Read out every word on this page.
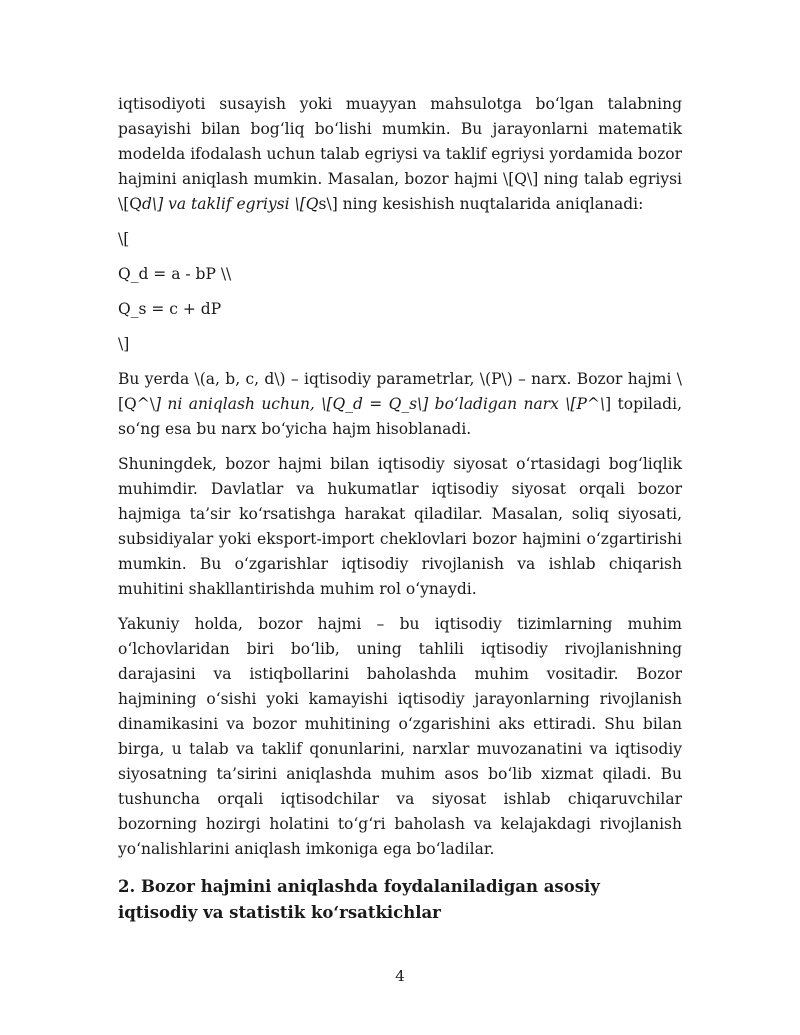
iqtisodiyoti susayish yoki muayyan mahsulotga bo‘lgan talabning pasayishi bilan bog‘liq bo‘lishi mumkin. Bu jarayonlarni matematik modelda ifodalash uchun talab egriysi va taklif egriysi yordamida bozor hajmini aniqlash mumkin. Masalan, bozor hajmi \[Q\] ning talab egriysi \[Qd\] va taklif egriysi \[Qs\] ning kesishish nuqtalarida aniqlanadi:

\[

Q_d = a - bP \\

Q_s = c + dP

\]

Bu yerda \(a, b, c, d\) – iqtisodiy parametrlar, \(P\) – narx. Bozor hajmi \[Q^\] ni aniqlash uchun, \[Q_d = Q_s\] bo‘ladigan narx \[P^\] topiladi, so‘ng esa bu narx bo‘yicha hajm hisoblanadi.

Shuningdek, bozor hajmi bilan iqtisodiy siyosat o‘rtasidagi bog‘liqlik muhimdir. Davlatlar va hukumatlar iqtisodiy siyosat orqali bozor hajmiga ta’sir ko‘rsatishga harakat qiladilar. Masalan, soliq siyosati, subsidiyalar yoki eksport-import cheklovlari bozor hajmini o‘zgartirishi mumkin. Bu o‘zgarishlar iqtisodiy rivojlanish va ishlab chiqarish muhitini shakllantirishda muhim rol o‘ynaydi.

Yakuniy holda, bozor hajmi – bu iqtisodiy tizimlarning muhim o‘lchovlaridan biri bo‘lib, uning tahlili iqtisodiy rivojlanishning darajasini va istiqbollarini baholashda muhim vositadir. Bozor hajmining o‘sishi yoki kamayishi iqtisodiy jarayonlarning rivojlanish dinamikasini va bozor muhitining o‘zgarishini aks ettiradi. Shu bilan birga, u talab va taklif qonunlarini, narxlar muvozanatini va iqtisodiy siyosatning ta’sirini aniqlashda muhim asos bo‘lib xizmat qiladi. Bu tushuncha orqali iqtisodchilar va siyosat ishlab chiqaruvchilar bozorning hozirgi holatini to‘g‘ri baholash va kelajakdagi rivojlanish yo‘nalishlarini aniqlash imkoniga ega bo‘ladilar.

2. Bozor hajmini aniqlashda foydalaniladigan asosiy iqtisodiy va statistik ko‘rsatkichlar
4
